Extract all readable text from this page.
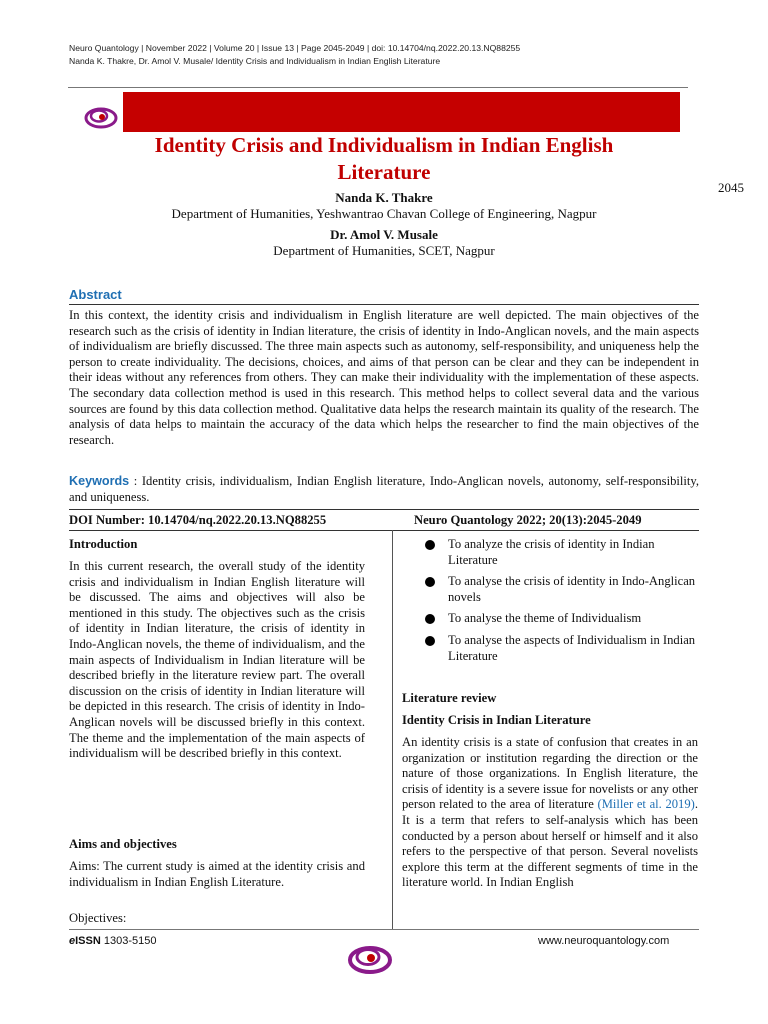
Neuro Quantology | November 2022 | Volume 20 | Issue 13 | Page 2045-2049 | doi: 10.14704/nq.2022.20.13.NQ88255
Nanda K. Thakre, Dr. Amol V. Musale/ Identity Crisis and Individualism in Indian English Literature
Identity Crisis and Individualism in Indian English
Literature
2045
Nanda K. Thakre
Department of Humanities, Yeshwantrao Chavan College of Engineering, Nagpur
Dr. Amol V. Musale
Department of Humanities, SCET, Nagpur
Abstract
In this context, the identity crisis and individualism in English literature are well depicted. The main objectives of the research such as the crisis of identity in Indian literature, the crisis of identity in Indo-Anglican novels, and the main aspects of individualism are briefly discussed. The three main aspects such as autonomy, self-responsibility, and uniqueness help the person to create individuality. The decisions, choices, and aims of that person can be clear and they can be independent in their ideas without any references from others. They can make their individuality with the implementation of these aspects. The secondary data collection method is used in this research. This method helps to collect several data and the various sources are found by this data collection method. Qualitative data helps the research maintain its quality of the research. The analysis of data helps to maintain the accuracy of the data which helps the researcher to find the main objectives of the research.
Keywords : Identity crisis, individualism, Indian English literature, Indo-Anglican novels, autonomy, self-responsibility, and uniqueness.
DOI Number: 10.14704/nq.2022.20.13.NQ88255	Neuro Quantology 2022; 20(13):2045-2049
Introduction
In this current research, the overall study of the identity crisis and individualism in Indian English literature will be discussed. The aims and objectives will also be mentioned in this study. The objectives such as the crisis of identity in Indian literature, the crisis of identity in Indo-Anglican novels, the theme of individualism, and the main aspects of Individualism in Indian literature will be described briefly in the literature review part. The overall discussion on the crisis of identity in Indian literature will be depicted in this research. The crisis of identity in Indo-Anglican novels will be discussed briefly in this context. The theme and the implementation of the main aspects of individualism will be described briefly in this context.
Aims and objectives
Aims: The current study is aimed at the identity crisis and individualism in Indian English Literature.
Objectives:
To analyze the crisis of identity in Indian Literature
To analyse the crisis of identity in Indo-Anglican novels
To analyse the theme of Individualism
To analyse the aspects of Individualism in Indian Literature
Literature review
Identity Crisis in Indian Literature
An identity crisis is a state of confusion that creates in an organization or institution regarding the direction or the nature of those organizations. In English literature, the crisis of identity is a severe issue for novelists or any other person related to the area of literature (Miller et al. 2019). It is a term that refers to self-analysis which has been conducted by a person about herself or himself and it also refers to the perspective of that person. Several novelists explore this term at the different segments of time in the literature world. In Indian English
eISSN 1303-5150	www.neuroquantology.com
